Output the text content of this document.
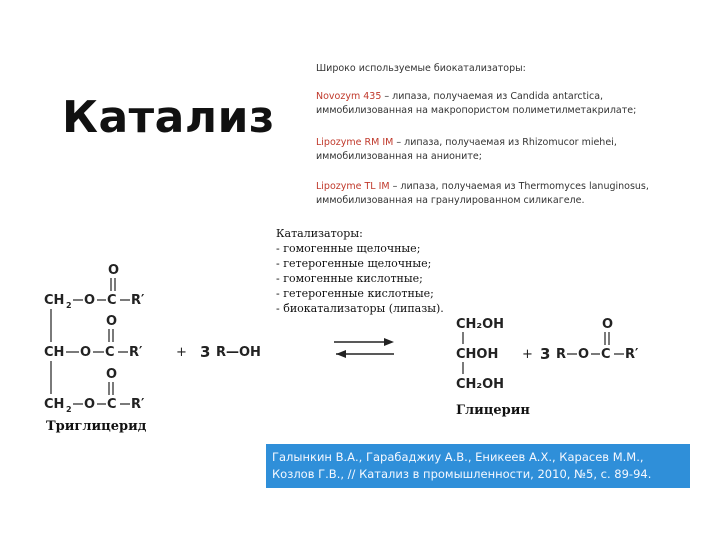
Катализ
Широко используемые биокатализаторы:
Novozym 435 – липаза, получаемая из Candida antarctica,
иммобилизованная на макропористом полиметилметакрилате;
Lipozyme RM IM – липаза, получаемая из Rhizomucor miehei,
иммобилизованная на анионите;
Lipozyme TL IM – липаза, получаемая из Thermomyces lanuginosus,
иммобилизованная на гранулированном силикагеле.
Катализаторы:
- гомогенные щелочные;
- гетерогенные щелочные;
- гомогенные кислотные;
- гетерогенные кислотные;
- биокатализаторы (липазы).
O
CH 2 O C R′
O
CH O C R′
O
CH 2 O C R′
Триглицерид
+ 3 R—OH
CH₂OH
CHOH
CH₂OH
Глицерин
+ 3
O
R O C R′
Галынкин В.А., Гарабаджиу А.В., Еникеев А.Х., Карасев М.М., Козлов Г.В., // Катализ в промышленности, 2010, №5, с. 89-94.
